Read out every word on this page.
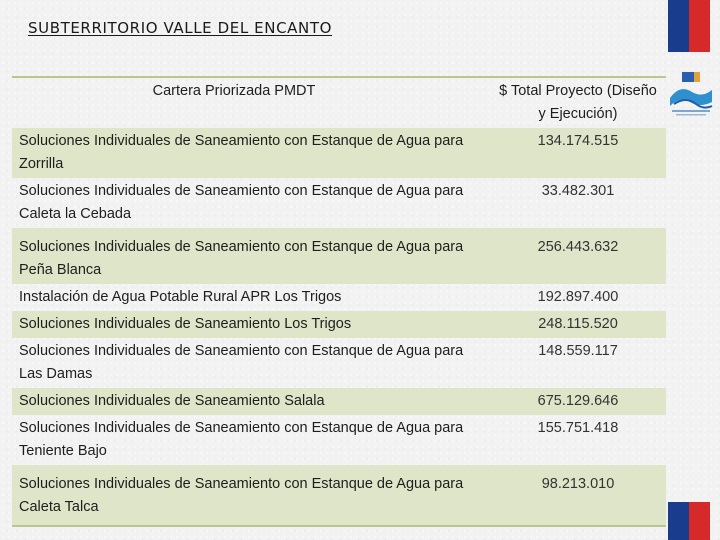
SUBTERRITORIO VALLE DEL ENCANTO
Cartera Priorizada PMDT	$ Total Proyecto (Diseño y Ejecución)
Soluciones Individuales de Saneamiento con Estanque de Agua para Zorrilla	134.174.515
Soluciones Individuales de Saneamiento con Estanque de Agua para Caleta la Cebada	33.482.301
Soluciones Individuales de Saneamiento con Estanque de Agua para Peña Blanca	256.443.632
Instalación de Agua Potable Rural APR Los Trigos	192.897.400
Soluciones Individuales de Saneamiento Los Trigos	248.115.520
Soluciones Individuales de Saneamiento con Estanque de Agua para Las Damas	148.559.117
Soluciones Individuales de Saneamiento Salala	675.129.646
Soluciones Individuales de Saneamiento con Estanque de Agua para Teniente Bajo	155.751.418
Soluciones Individuales de Saneamiento con Estanque de Agua para Caleta Talca	98.213.010
